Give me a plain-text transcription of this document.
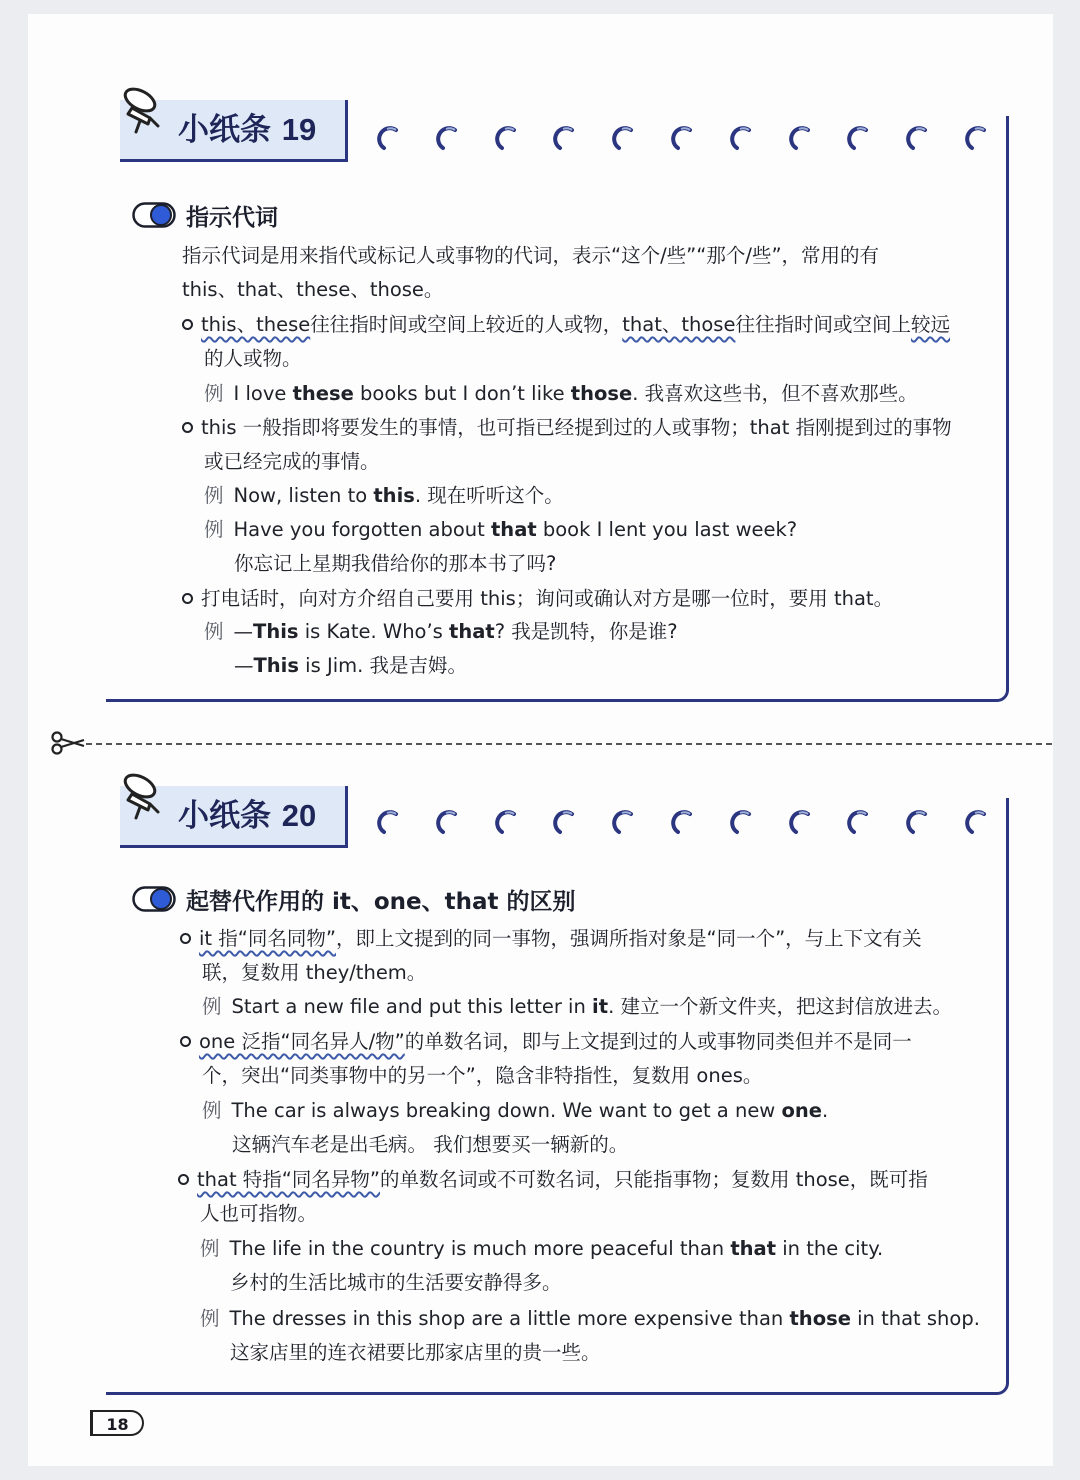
小纸条 19
指示代词
指示代词是用来指代或标记人或事物的代词，表示“这个/些”“那个/些”，常用的有
this、that、these、those。
this、these往往指时间或空间上较近的人或物，that、those往往指时间或空间上较远
的人或物。
例 I love these books but I don’t like those. 我喜欢这些书，但不喜欢那些。
this 一般指即将要发生的事情，也可指已经提到过的人或事物；that 指刚提到过的事物
或已经完成的事情。
例 Now, listen to this. 现在听听这个。
例 Have you forgotten about that book I lent you last week?
你忘记上星期我借给你的那本书了吗?
打电话时，向对方介绍自己要用 this；询问或确认对方是哪一位时，要用 that。
例 —This is Kate. Who’s that? 我是凯特，你是谁?
—This is Jim. 我是吉姆。
小纸条 20
起替代作用的 it、one、that 的区别
it 指“同名同物”，即上文提到的同一事物，强调所指对象是“同一个”，与上下文有关
联，复数用 they/them。
例 Start a new file and put this letter in it. 建立一个新文件夹，把这封信放进去。
one 泛指“同名异人/物”的单数名词，即与上文提到过的人或事物同类但并不是同一
个，突出“同类事物中的另一个”，隐含非特指性，复数用 ones。
例 The car is always breaking down. We want to get a new one.
这辆汽车老是出毛病。 我们想要买一辆新的。
that 特指“同名异物”的单数名词或不可数名词，只能指事物；复数用 those，既可指
人也可指物。
例 The life in the country is much more peaceful than that in the city.
乡村的生活比城市的生活要安静得多。
例 The dresses in this shop are a little more expensive than those in that shop.
这家店里的连衣裙要比那家店里的贵一些。
18
